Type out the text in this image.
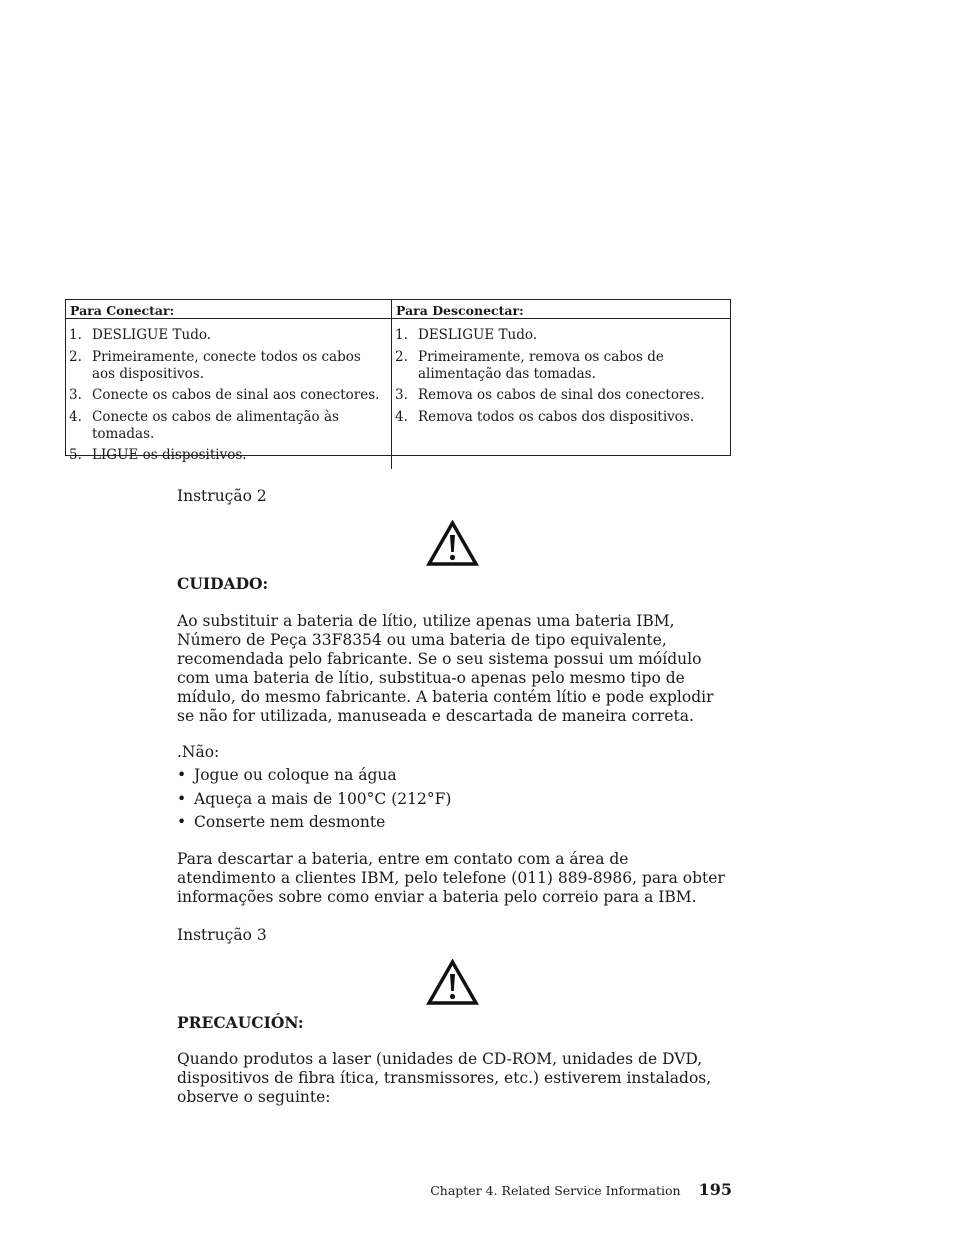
Para Conectar:	Para Desconectar:
1. DESLIGUE Tudo.
2. Primeiramente, conecte todos os cabos aos dispositivos.
3. Conecte os cabos de sinal aos conectores.
4. Conecte os cabos de alimentação às tomadas.
5. LIGUE os dispositivos.
1. DESLIGUE Tudo.
2. Primeiramente, remova os cabos de alimentação das tomadas.
3. Remova os cabos de sinal dos conectores.
4. Remova todos os cabos dos dispositivos.
Instrução 2
CUIDADO:
Ao substituir a bateria de lítio, utilize apenas uma bateria IBM, Número de Peça 33F8354 ou uma bateria de tipo equivalente, recomendada pelo fabricante. Se o seu sistema possui um móídulo com uma bateria de lítio, substitua-o apenas pelo mesmo tipo de mídulo, do mesmo fabricante. A bateria contém lítio e pode explodir se não for utilizada, manuseada e descartada de maneira correta.
.Não:
• Jogue ou coloque na água
• Aqueça a mais de 100°C (212°F)
• Conserte nem desmonte
Para descartar a bateria, entre em contato com a área de atendimento a clientes IBM, pelo telefone (011) 889-8986, para obter informações sobre como enviar a bateria pelo correio para a IBM.
Instrução 3
PRECAUCIÓN:
Quando produtos a laser (unidades de CD-ROM, unidades de DVD, dispositivos de fibra ítica, transmissores, etc.) estiverem instalados, observe o seguinte:
Chapter 4. Related Service Information 195
